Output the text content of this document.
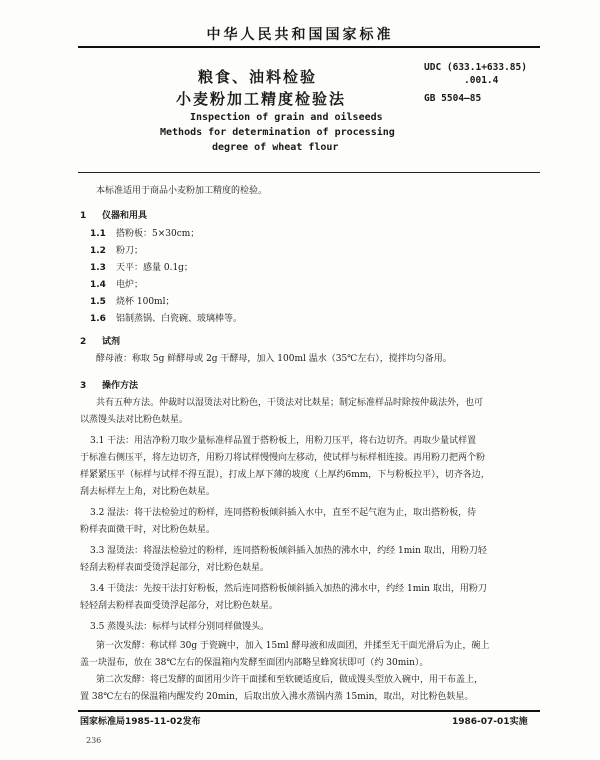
中华人民共和国国家标准
粮食、油料检验
小麦粉加工精度检验法
Inspection of grain and oilseeds
Methods for determination of processing
degree of wheat flour
UDC (633.1+633.85)
.001.4
GB 5504—85
本标准适用于商品小麦粉加工精度的检验。
1 仪器和用具
1.1 搭粉板：5×30cm；
1.2 粉刀；
1.3 天平：感量 0.1g；
1.4 电炉；
1.5 烧杯 100ml；
1.6 铝制蒸锅、白瓷碗、玻璃棒等。
2 试剂
酵母液：称取 5g 鲜酵母或 2g 干酵母，加入 100ml 温水（35℃左右），搅拌均匀备用。
3 操作方法
共有五种方法。仲裁时以湿烫法对比粉色，干烫法对比麸星；制定标准样品时除按仲裁法外，也可
以蒸馒头法对比粉色麸星。
3.1 干法：用洁净粉刀取少量标准样品置于搭粉板上，用粉刀压平，将右边切齐。再取少量试样置
于标准右侧压平，将左边切齐，用粉刀将试样慢慢向左移动，使试样与标样相连接。再用粉刀把两个粉
样紧紧压平（标样与试样不得互混），打成上厚下薄的坡度（上厚约6mm，下与粉板拉平），切齐各边，
刮去标样左上角，对比粉色麸星。
3.2 湿法：将干法检验过的粉样，连同搭粉板倾斜插入水中，直至不起气泡为止，取出搭粉板，待
粉样表面微干时，对比粉色麸星。
3.3 湿烫法：将湿法检验过的粉样，连同搭粉板倾斜插入加热的沸水中，约经 1min 取出，用粉刀轻
轻刮去粉样表面受烫浮起部分，对比粉色麸星。
3.4 干烫法：先按干法打好粉板，然后连同搭粉板倾斜插入加热的沸水中，约经 1min 取出，用粉刀
轻轻刮去粉样表面受烫浮起部分，对比粉色麸星。
3.5 蒸馒头法：标样与试样分别同样做馒头。
第一次发酵：称试样 30g 于瓷碗中，加入 15ml 酵母液和成面团，并揉至无干面光滑后为止，碗上
盖一块湿布，放在 38℃左右的保温箱内发酵至面团内部略呈蜂窝状即可（约 30min）。
第二次发酵：将已发酵的面团用少许干面揉和至软硬适度后，做成馒头型放入碗中，用干布盖上，
置 38℃左右的保温箱内醒发约 20min，后取出放入沸水蒸锅内蒸 15min，取出，对比粉色麸星。
国家标准局1985-11-02发布	1986-07-01实施
236
